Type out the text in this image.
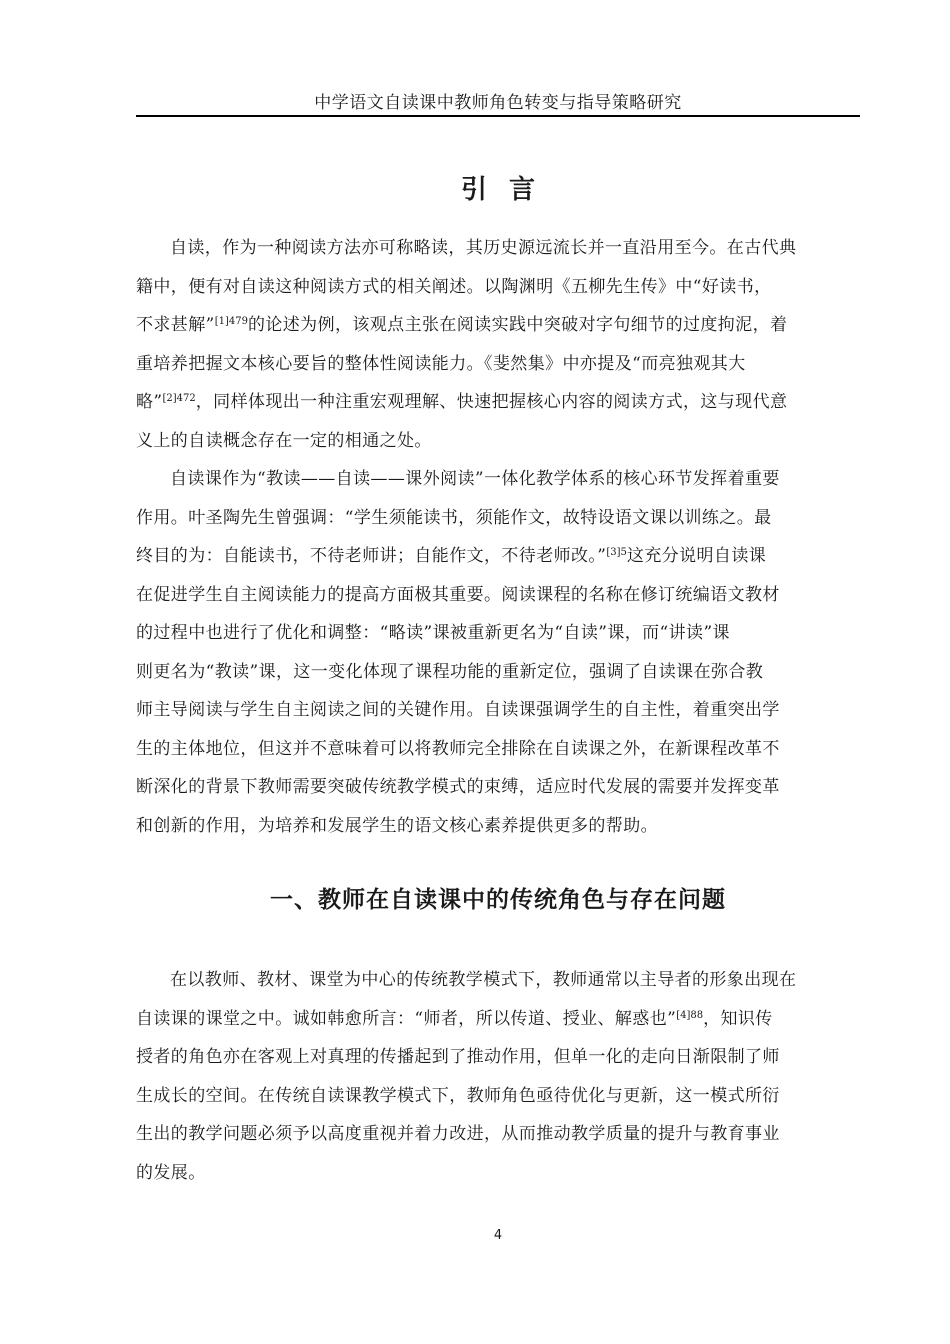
中学语文自读课中教师角色转变与指导策略研究
引言

自读，作为一种阅读方法亦可称略读，其历史源远流长并一直沿用至今。在古代典
籍中，便有对自读这种阅读方式的相关阐述。以陶渊明《五柳先生传》中“好读书，
不求甚解”$^{[1]479}$的论述为例，该观点主张在阅读实践中突破对字句细节的过度拘泥，着
重培养把握文本核心要旨的整体性阅读能力。《斐然集》中亦提及“而亮独观其大
略”$^{[2]472}$，同样体现出一种注重宏观理解、快速把握核心内容的阅读方式，这与现代意
义上的自读概念存在一定的相通之处。

自读课作为“教读——自读——课外阅读”一体化教学体系的核心环节发挥着重要
作用。叶圣陶先生曾强调：“学生须能读书，须能作文，故特设语文课以训练之。最
终目的为：自能读书，不待老师讲；自能作文，不待老师改。”$^{[3]5}$这充分说明自读课
在促进学生自主阅读能力的提高方面极其重要。阅读课程的名称在修订统编语文教材
的过程中也进行了优化和调整：“略读”课被重新更名为“自读”课，而“讲读”课
则更名为“教读”课，这一变化体现了课程功能的重新定位，强调了自读课在弥合教
师主导阅读与学生自主阅读之间的关键作用。自读课强调学生的自主性，着重突出学
生的主体地位，但这并不意味着可以将教师完全排除在自读课之外，在新课程改革不
断深化的背景下教师需要突破传统教学模式的束缚，适应时代发展的需要并发挥变革
和创新的作用，为培养和发展学生的语文核心素养提供更多的帮助。

一、教师在自读课中的传统角色与存在问题

在以教师、教材、课堂为中心的传统教学模式下，教师通常以主导者的形象出现在
自读课的课堂之中。诚如韩愈所言：“师者，所以传道、授业、解惑也”$^{[4]88}$，知识传
授者的角色亦在客观上对真理的传播起到了推动作用，但单一化的走向日渐限制了师
生成长的空间。在传统自读课教学模式下，教师角色亟待优化与更新，这一模式所衍
生出的教学问题必须予以高度重视并着力改进，从而推动教学质量的提升与教育事业
的发展。

4
